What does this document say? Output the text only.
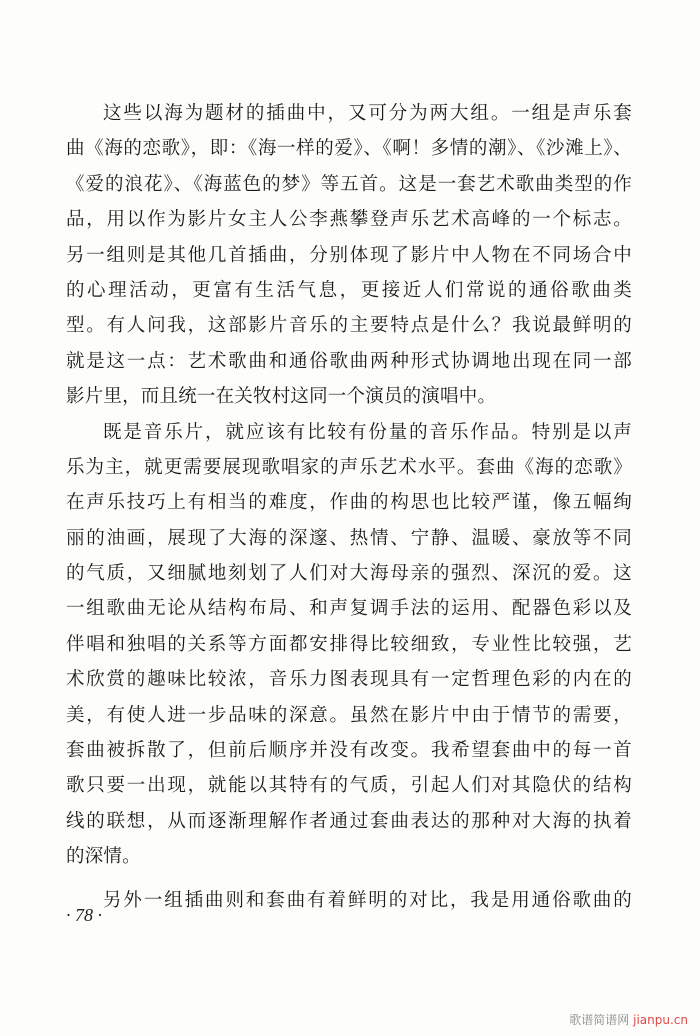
这些以海为题材的插曲中，又可分为两大组。一组是声乐套
曲《海的恋歌》，即：《海一样的爱》、《啊！多情的潮》、《沙滩上》、
《爱的浪花》、《海蓝色的梦》等五首。这是一套艺术歌曲类型的作
品，用以作为影片女主人公李燕攀登声乐艺术高峰的一个标志。
另一组则是其他几首插曲，分别体现了影片中人物在不同场合中
的心理活动，更富有生活气息，更接近人们常说的通俗歌曲类
型。有人问我，这部影片音乐的主要特点是什么？我说最鲜明的
就是这一点：艺术歌曲和通俗歌曲两种形式协调地出现在同一部
影片里，而且统一在关牧村这同一个演员的演唱中。
既是音乐片，就应该有比较有份量的音乐作品。特别是以声
乐为主，就更需要展现歌唱家的声乐艺术水平。套曲《海的恋歌》
在声乐技巧上有相当的难度，作曲的构思也比较严谨，像五幅绚
丽的油画，展现了大海的深邃、热情、宁静、温暖、豪放等不同
的气质，又细腻地刻划了人们对大海母亲的强烈、深沉的爱。这
一组歌曲无论从结构布局、和声复调手法的运用、配器色彩以及
伴唱和独唱的关系等方面都安排得比较细致，专业性比较强，艺
术欣赏的趣味比较浓，音乐力图表现具有一定哲理色彩的内在的
美，有使人进一步品味的深意。虽然在影片中由于情节的需要，
套曲被拆散了，但前后顺序并没有改变。我希望套曲中的每一首
歌只要一出现，就能以其特有的气质，引起人们对其隐伏的结构
线的联想，从而逐渐理解作者通过套曲表达的那种对大海的执着
的深情。
另外一组插曲则和套曲有着鲜明的对比，我是用通俗歌曲的
· 78 ·
歌谱简谱网 jianpu.cn
